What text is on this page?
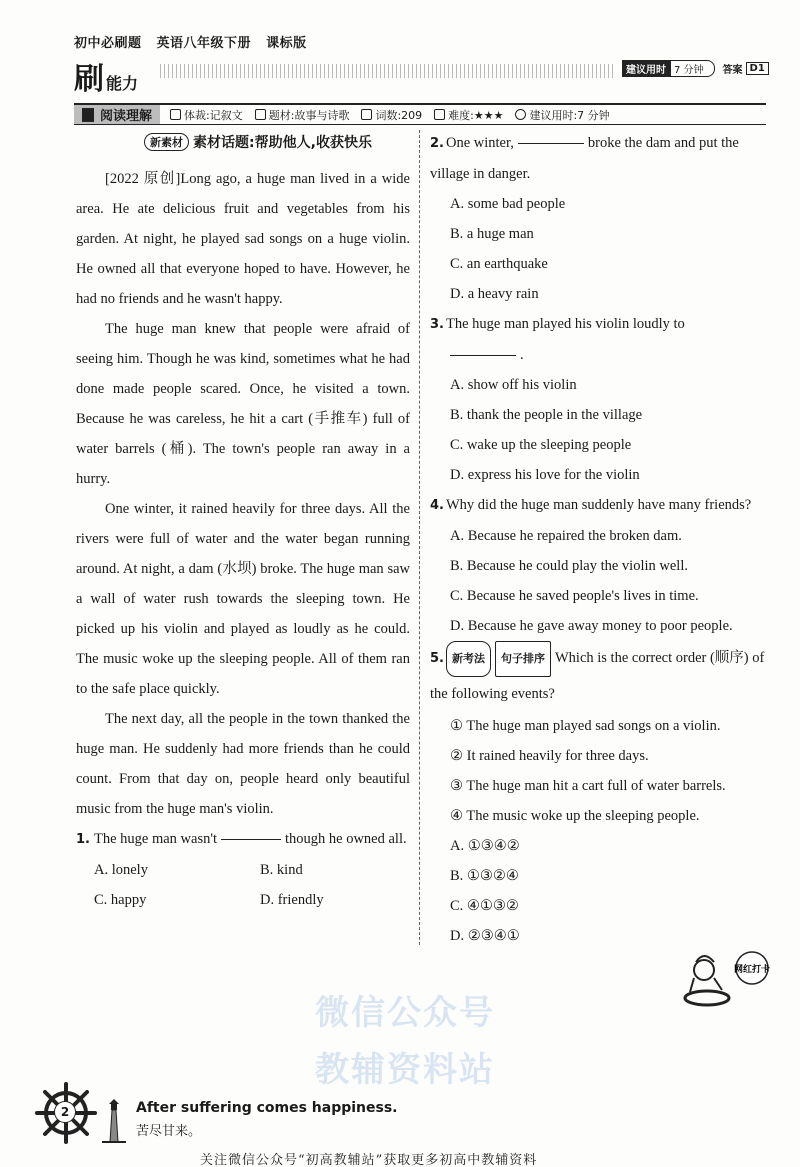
初中必刷题 英语八年级下册 课标版
刷 能力
建议用时 7 分钟	答案 D1
阅读理解	体裁:记叙文 题材:故事与诗歌 词数:209 难度:★★★ 建议用时:7 分钟
新素材 素材话题:帮助他人,收获快乐

[2022 原创]Long ago, a huge man lived in a wide area. He ate delicious fruit and vegetables from his garden. At night, he played sad songs on a huge violin. He owned all that everyone hoped to have. However, he had no friends and he wasn't happy.

The huge man knew that people were afraid of seeing him. Though he was kind, sometimes what he had done made people scared. Once, he visited a town. Because he was careless, he hit a cart (手推车) full of water barrels (桶). The town's people ran away in a hurry.

One winter, it rained heavily for three days. All the rivers were full of water and the water began running around. At night, a dam (水坝) broke. The huge man saw a wall of water rush towards the sleeping town. He picked up his violin and played as loudly as he could. The music woke up the sleeping people. All of them ran to the safe place quickly.

The next day, all the people in the town thanked the huge man. He suddenly had more friends than he could count. From that day on, people heard only beautiful music from the huge man's violin.

1. The huge man wasn't	though he owned all.
A. lonely	B. kind
C. happy	D. friendly
2. One winter,	broke the dam and put the village in danger.
A. some bad people
B. a huge man
C. an earthquake
D. a heavy rain
3. The huge man played his violin loudly to
.
A. show off his violin
B. thank the people in the village
C. wake up the sleeping people
D. express his love for the violin
4. Why did the huge man suddenly have many friends?
A. Because he repaired the broken dam.
B. Because he could play the violin well.
C. Because he saved people's lives in time.
D. Because he gave away money to poor people.
5. 新考法 句子排序 Which is the correct order (顺序) of the following events?
① The huge man played sad songs on a violin.
② It rained heavily for three days.
③ The huge man hit a cart full of water barrels.
④ The music woke up the sleeping people.
A. ①③④②
B. ①③②④
C. ④①③②
D. ②③④①
网红打卡
微信公众号
教辅资料站
2	After suffering comes happiness.
苦尽甘来。
关注微信公众号“初高教辅站”获取更多初高中教辅资料
